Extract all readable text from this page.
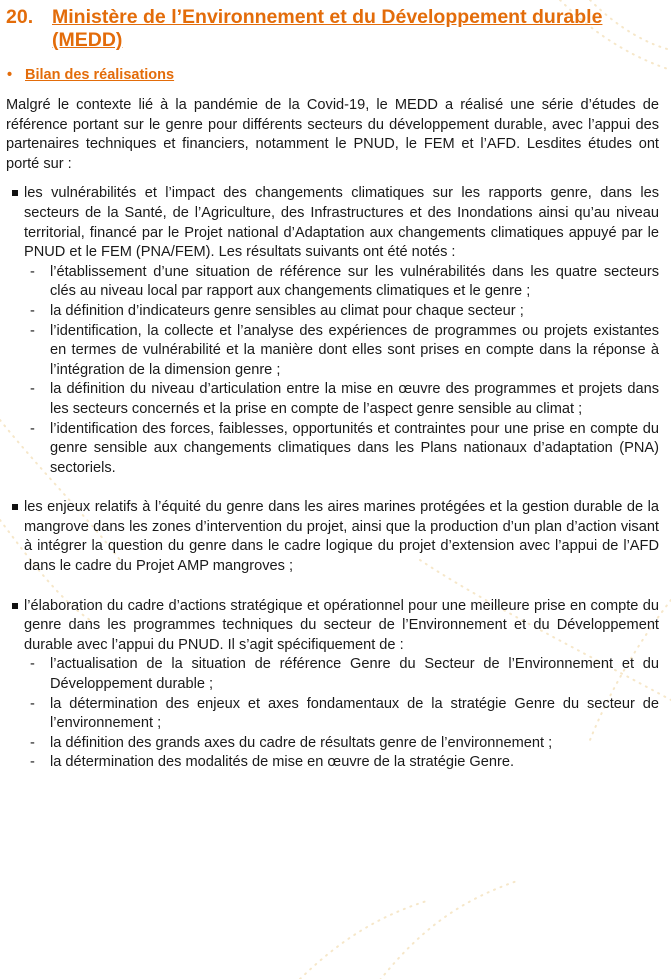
20. Ministère de l’Environnement et du Développement durable (MEDD)
• Bilan des réalisations
Malgré le contexte lié à la pandémie de la Covid-19, le MEDD a réalisé une série d’études de référence portant sur le genre pour différents secteurs du développement durable, avec l’appui des partenaires techniques et financiers, notamment le PNUD, le FEM et l’AFD. Lesdites études ont porté sur :
les vulnérabilités et l’impact des changements climatiques sur les rapports genre, dans les secteurs de la Santé, de l’Agriculture, des Infrastructures et des Inondations ainsi qu’au niveau territorial, financé par le Projet national d’Adaptation aux changements climatiques appuyé par le PNUD et le FEM (PNA/FEM). Les résultats suivants ont été notés :
-	l’établissement d’une situation de référence sur les vulnérabilités dans les quatre secteurs clés au niveau local par rapport aux changements climatiques et le genre ;
-	la définition d’indicateurs genre sensibles au climat pour chaque secteur ;
-	l’identification, la collecte et l’analyse des expériences de programmes ou projets existantes en termes de vulnérabilité et la manière dont elles sont prises en compte dans la réponse à l’intégration de la dimension genre ;
-	la définition du niveau d’articulation entre la mise en œuvre des programmes et projets dans les secteurs concernés et la prise en compte de l’aspect genre sensible au climat ;
-	l’identification des forces, faiblesses, opportunités et contraintes pour une prise en compte du genre sensible aux changements climatiques dans les Plans nationaux d’adaptation (PNA) sectoriels.
les enjeux relatifs à l’équité du genre dans les aires marines protégées et la gestion durable de la mangrove dans les zones d’intervention du projet, ainsi que la production d’un plan d’action visant à intégrer la question du genre dans le cadre logique du projet d’extension avec l’appui de l’AFD dans le cadre du Projet AMP mangroves ;
l’élaboration du cadre d’actions stratégique et opérationnel pour une meilleure prise en compte du genre dans les programmes techniques du secteur de l’Environnement et du Développement durable avec l’appui du PNUD. Il s’agit spécifiquement de :
-	l’actualisation de la situation de référence Genre du Secteur de l’Environnement et du Développement durable ;
-	la détermination des enjeux et axes fondamentaux de la stratégie Genre du secteur de l’environnement ;
-	la définition des grands axes du cadre de résultats genre de l’environnement ;
-	la détermination des modalités de mise en œuvre de la stratégie Genre.
